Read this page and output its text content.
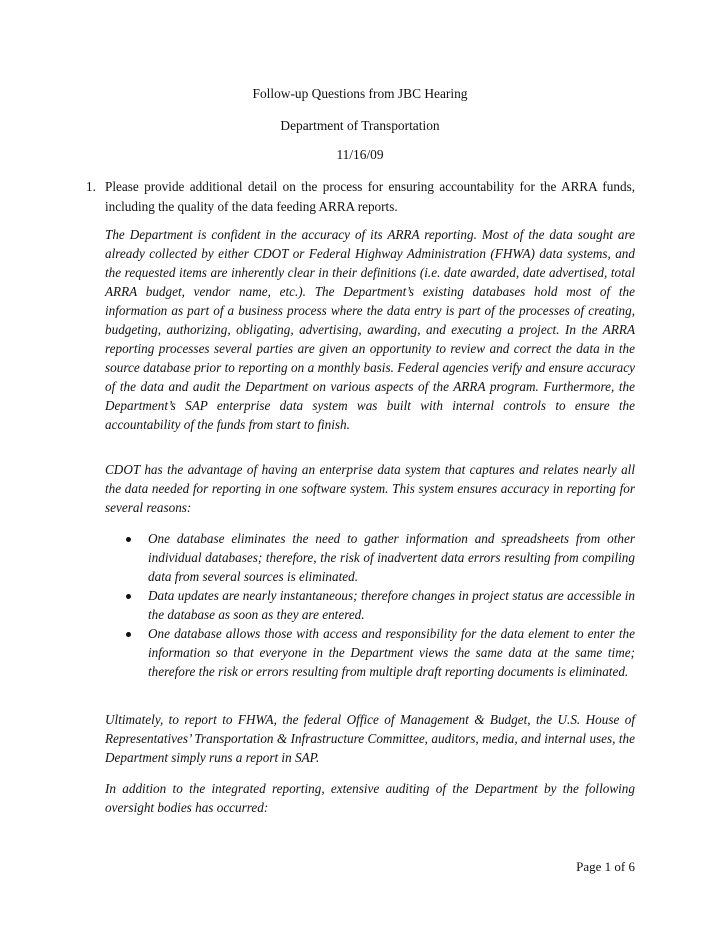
Follow-up Questions from JBC Hearing
Department of Transportation
11/16/09
1. Please provide additional detail on the process for ensuring accountability for the ARRA funds, including the quality of the data feeding ARRA reports.

The Department is confident in the accuracy of its ARRA reporting. Most of the data sought are already collected by either CDOT or Federal Highway Administration (FHWA) data systems, and the requested items are inherently clear in their definitions (i.e. date awarded, date advertised, total ARRA budget, vendor name, etc.). The Department’s existing databases hold most of the information as part of a business process where the data entry is part of the processes of creating, budgeting, authorizing, obligating, advertising, awarding, and executing a project. In the ARRA reporting processes several parties are given an opportunity to review and correct the data in the source database prior to reporting on a monthly basis. Federal agencies verify and ensure accuracy of the data and audit the Department on various aspects of the ARRA program. Furthermore, the Department’s SAP enterprise data system was built with internal controls to ensure the accountability of the funds from start to finish.

CDOT has the advantage of having an enterprise data system that captures and relates nearly all the data needed for reporting in one software system. This system ensures accuracy in reporting for several reasons:

One database eliminates the need to gather information and spreadsheets from other individual databases; therefore, the risk of inadvertent data errors resulting from compiling data from several sources is eliminated.
Data updates are nearly instantaneous; therefore changes in project status are accessible in the database as soon as they are entered.
One database allows those with access and responsibility for the data element to enter the information so that everyone in the Department views the same data at the same time; therefore the risk or errors resulting from multiple draft reporting documents is eliminated.

Ultimately, to report to FHWA, the federal Office of Management & Budget, the U.S. House of Representatives’ Transportation & Infrastructure Committee, auditors, media, and internal uses, the Department simply runs a report in SAP.

In addition to the integrated reporting, extensive auditing of the Department by the following oversight bodies has occurred:

Page 1 of 6
